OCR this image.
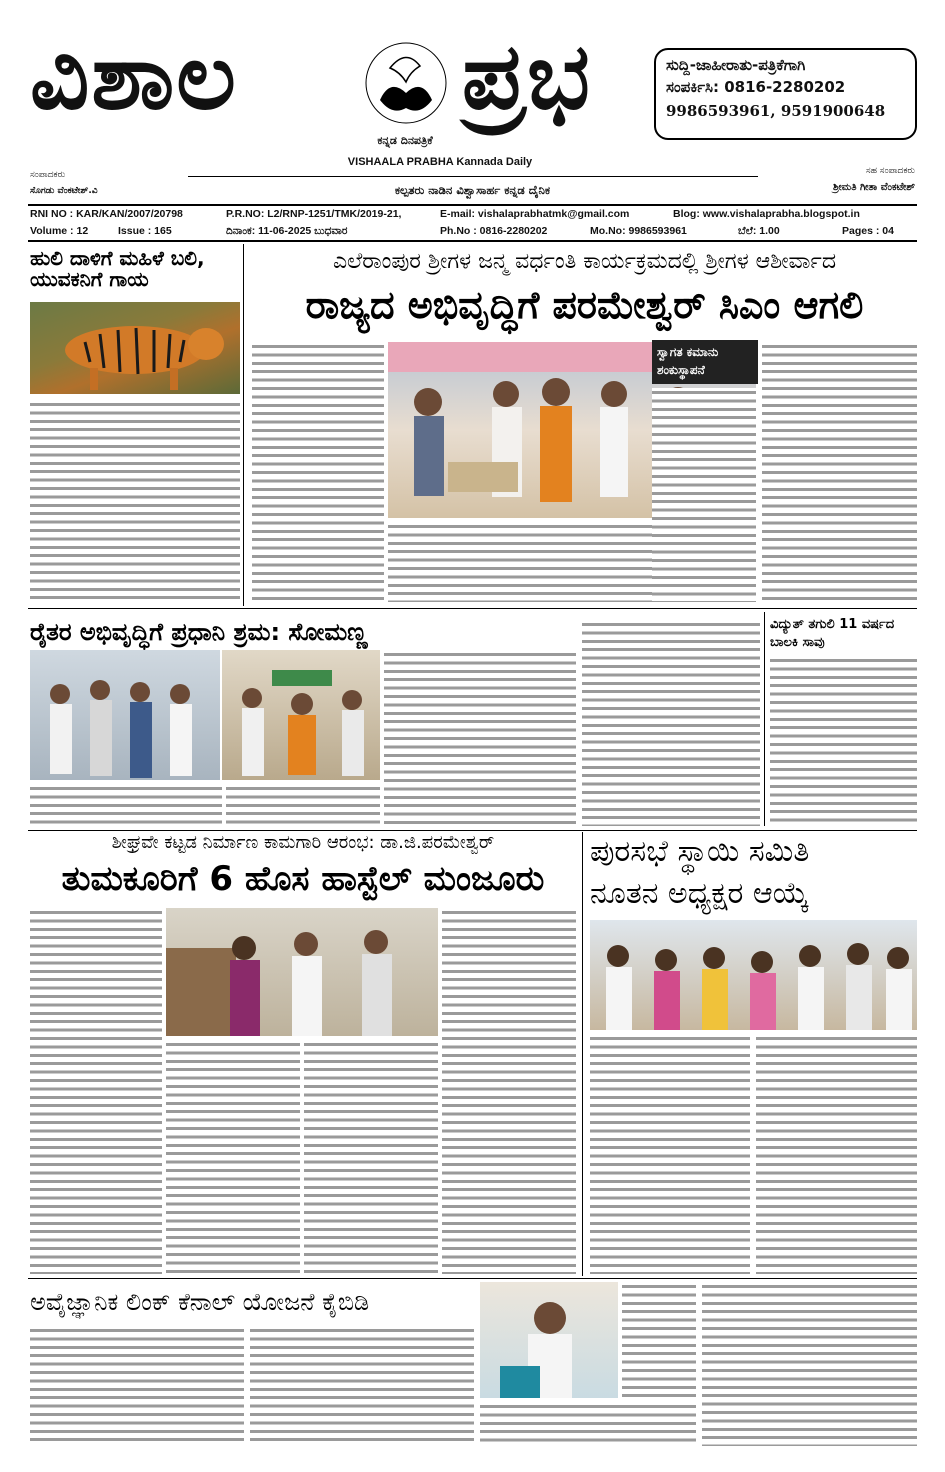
ವಿಶಾಲ	ಪ್ರಭ
ಕನ್ನಡ ದಿನಪತ್ರಿಕೆ
ಸುದ್ದಿ-ಜಾಹೀರಾತು-ಪತ್ರಿಕೆಗಾಗಿ
ಸಂಪರ್ಕಿಸಿ: 0816-2280202
9986593961, 9591900648
VISHAALA PRABHA Kannada Daily
ಸಂಪಾದಕರು
ಸೊಗಡು ವೆಂಕಟೇಶ್.ವಿ
ಸಹ ಸಂಪಾದಕರು
ಶ್ರೀಮತಿ ಗೀತಾ ವೆಂಕಟೇಶ್
ಕಲ್ಪತರು ನಾಡಿನ ವಿಶ್ವಾಸಾರ್ಹ ಕನ್ನಡ ದೈನಿಕ
RNI NO : KAR/KAN/2007/20798	P.R.NO: L2/RNP-1251/TMK/2019-21,	E-mail: vishalaprabhatmk@gmail.com	Blog: www.vishalaprabha.blogspot.in
Volume : 12	Issue : 165	ದಿನಾಂಕ: 11-06-2025 ಬುಧವಾರ	Ph.No : 0816-2280202	Mo.No: 9986593961	ಬೆಲೆ: 1.00	Pages : 04
ಹುಲಿ ದಾಳಿಗೆ ಮಹಿಳೆ ಬಲಿ, ಯುವಕನಿಗೆ ಗಾಯ
ಎಲೆರಾಂಪುರ ಶ್ರೀಗಳ ಜನ್ಮ ವರ್ಧಂತಿ ಕಾರ್ಯಕ್ರಮದಲ್ಲಿ ಶ್ರೀಗಳ ಆಶೀರ್ವಾದ
ರಾಜ್ಯದ ಅಭಿವೃದ್ಧಿಗೆ ಪರಮೇಶ್ವರ್ ಸಿಎಂ ಆಗಲಿ
ಸ್ವಾಗತ ಕಮಾನು ಶಂಕುಸ್ಥಾಪನೆ
ರೈತರ ಅಭಿವೃದ್ಧಿಗೆ ಪ್ರಧಾನಿ ಶ್ರಮ: ಸೋಮಣ್ಣ	ವಿದ್ಯುತ್ ತಗುಲಿ 11 ವರ್ಷದ ಬಾಲಕಿ ಸಾವು
ಶೀಘ್ರವೇ ಕಟ್ಟಡ ನಿರ್ಮಾಣ ಕಾಮಗಾರಿ ಆರಂಭ: ಡಾ.ಜಿ.ಪರಮೇಶ್ವರ್
ತುಮಕೂರಿಗೆ 6 ಹೊಸ ಹಾಸ್ಟೆಲ್ ಮಂಜೂರು
ಪುರಸಭೆ ಸ್ಥಾಯಿ ಸಮಿತಿ
ನೂತನ ಅಧ್ಯಕ್ಷರ ಆಯ್ಕೆ
ಅವೈಜ್ಞಾನಿಕ ಲಿಂಕ್ ಕೆನಾಲ್ ಯೋಜನೆ ಕೈಬಿಡಿ
